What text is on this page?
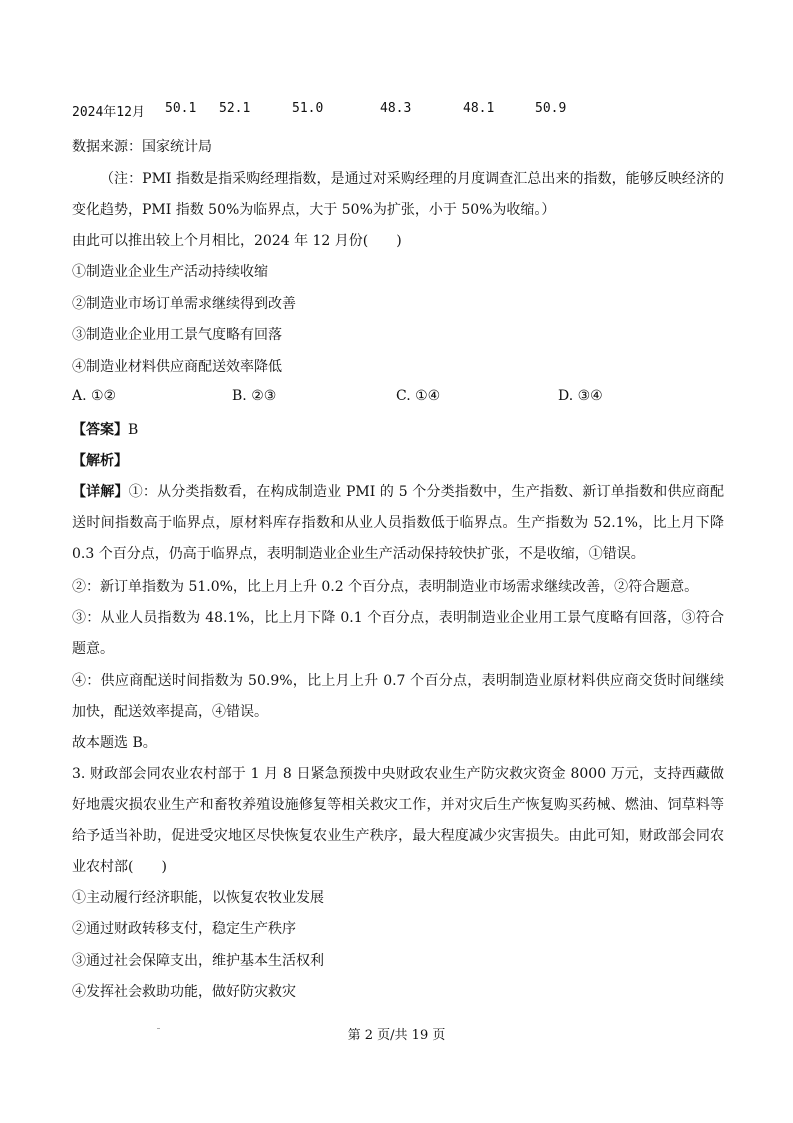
2024年12月 50.1 52.1	51.0	48.3	48.1	50.9
数据来源：国家统计局
（注：PMI 指数是指采购经理指数，是通过对采购经理的月度调查汇总出来的指数，能够反映经济的变化趋势，PMI 指数 50%为临界点，大于 50%为扩张，小于 50%为收缩。）
由此可以推出较上个月相比，2024 年 12 月份(　　)
①制造业企业生产活动持续收缩
②制造业市场订单需求继续得到改善
③制造业企业用工景气度略有回落
④制造业材料供应商配送效率降低
A. ①②	B. ②③	C. ①④	D. ③④
【答案】B
【解析】
【详解】①：从分类指数看，在构成制造业 PMI 的 5 个分类指数中，生产指数、新订单指数和供应商配送时间指数高于临界点，原材料库存指数和从业人员指数低于临界点。生产指数为 52.1%，比上月下降 0.3 个百分点，仍高于临界点，表明制造业企业生产活动保持较快扩张，不是收缩，①错误。
②：新订单指数为 51.0%，比上月上升 0.2 个百分点，表明制造业市场需求继续改善，②符合题意。
③：从业人员指数为 48.1%，比上月下降 0.1 个百分点，表明制造业企业用工景气度略有回落，③符合题意。
④：供应商配送时间指数为 50.9%，比上月上升 0.7 个百分点，表明制造业原材料供应商交货时间继续加快，配送效率提高，④错误。
故本题选 B。
3. 财政部会同农业农村部于 1 月 8 日紧急预拨中央财政农业生产防灾救灾资金 8000 万元，支持西藏做好地震灾损农业生产和畜牧养殖设施修复等相关救灾工作，并对灾后生产恢复购买药械、燃油、饲草料等给予适当补助，促进受灾地区尽快恢复农业生产秩序，最大程度减少灾害损失。由此可知，财政部会同农业农村部(　　)
①主动履行经济职能，以恢复农牧业发展
②通过财政转移支付，稳定生产秩序
③通过社会保障支出，维护基本生活权利
④发挥社会救助功能，做好防灾救灾
第 2 页/共 19 页
